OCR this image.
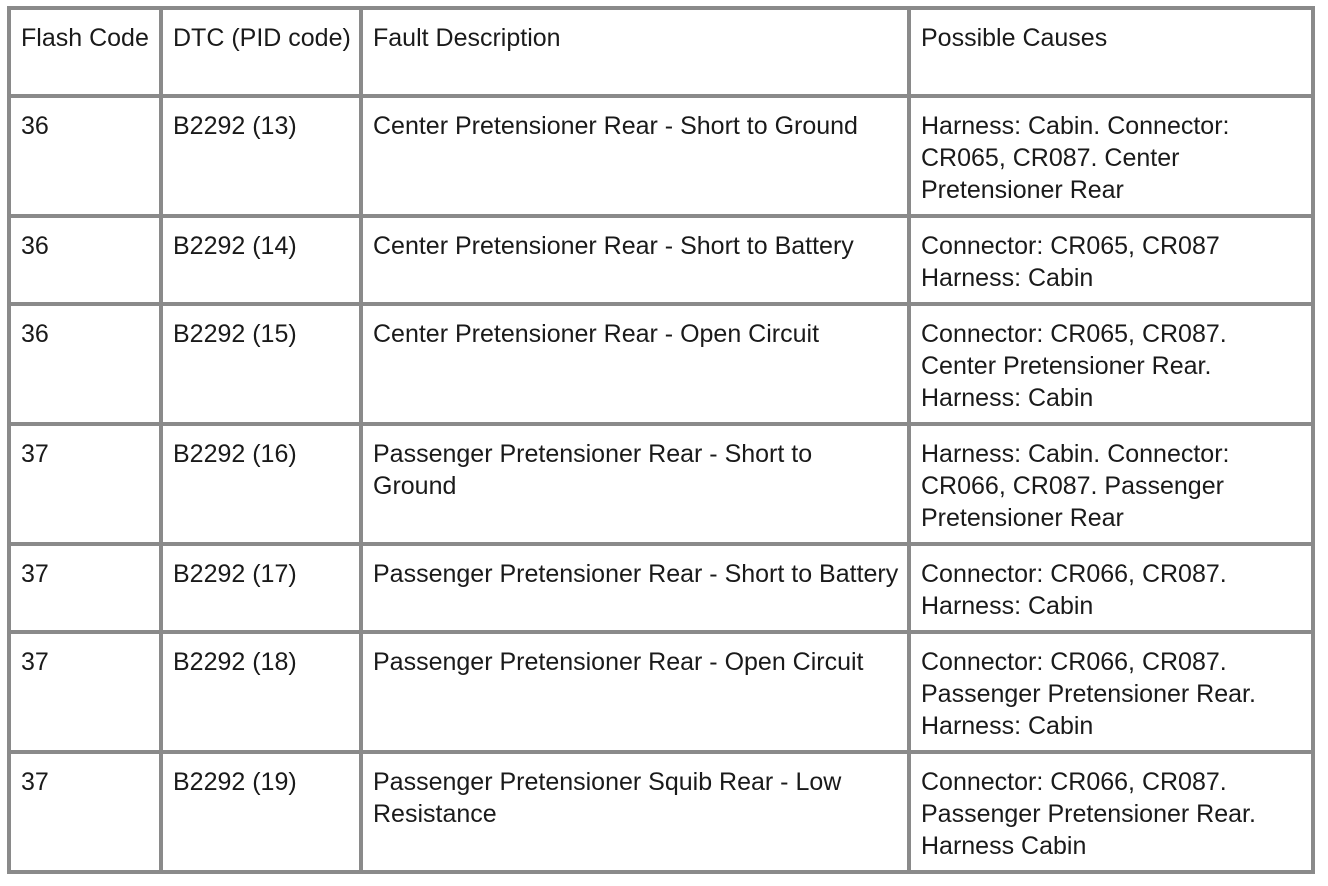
Flash Code	DTC (PID code)	Fault Description	Possible Causes
36	B2292 (13)	Center Pretensioner Rear - Short to Ground	Harness: Cabin. Connector: CR065, CR087. Center Pretensioner Rear
36	B2292 (14)	Center Pretensioner Rear - Short to Battery	Connector: CR065, CR087 Harness: Cabin
36	B2292 (15)	Center Pretensioner Rear - Open Circuit	Connector: CR065, CR087. Center Pretensioner Rear. Harness: Cabin
37	B2292 (16)	Passenger Pretensioner Rear - Short to Ground	Harness: Cabin. Connector: CR066, CR087. Passenger Pretensioner Rear
37	B2292 (17)	Passenger Pretensioner Rear - Short to Battery	Connector: CR066, CR087. Harness: Cabin
37	B2292 (18)	Passenger Pretensioner Rear - Open Circuit	Connector: CR066, CR087. Passenger Pretensioner Rear. Harness: Cabin
37	B2292 (19)	Passenger Pretensioner Squib Rear - Low Resistance	Connector: CR066, CR087. Passenger Pretensioner Rear. Harness Cabin
